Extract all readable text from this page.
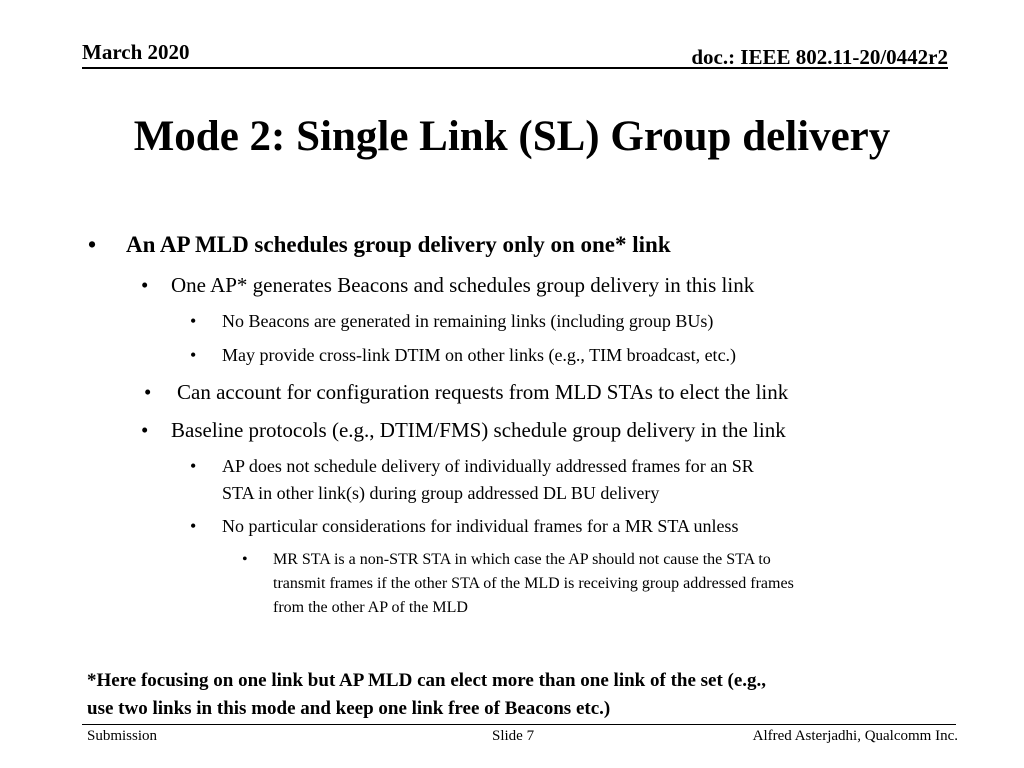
March 2020	doc.: IEEE 802.11-20/0442r2
Mode 2: Single Link (SL) Group delivery
• An AP MLD schedules group delivery only on one* link
• One AP* generates Beacons and schedules group delivery in this link
• No Beacons are generated in remaining links (including group BUs)
• May provide cross-link DTIM on other links (e.g., TIM broadcast, etc.)
• Can account for configuration requests from MLD STAs to elect the link
• Baseline protocols (e.g., DTIM/FMS) schedule group delivery in the link
• AP does not schedule delivery of individually addressed frames for an SR
STA in other link(s) during group addressed DL BU delivery
• No particular considerations for individual frames for a MR STA unless
• MR STA is a non-STR STA in which case the AP should not cause the STA to
transmit frames if the other STA of the MLD is receiving group addressed frames
from the other AP of the MLD
*Here focusing on one link but AP MLD can elect more than one link of the set (e.g.,
use two links in this mode and keep one link free of Beacons etc.)
Submission	Slide 7	Alfred Asterjadhi, Qualcomm Inc.
